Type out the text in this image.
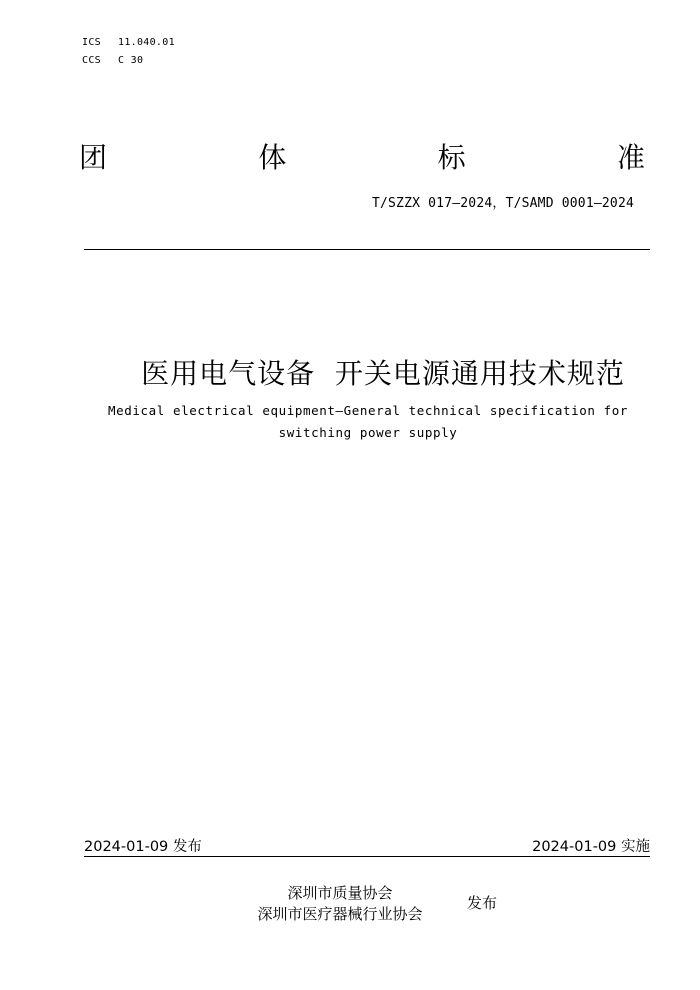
ICS 11.040.01
CCS C 30
团	体	标	准
T/SZZX 017—2024，T/SAMD 0001—2024
医用电气设备  开关电源通用技术规范
Medical electrical equipment—General technical specification for
switching power supply
2024-01-09 发布	2024-01-09 实施
深圳市质量协会
深圳市医疗器械行业协会
发布
